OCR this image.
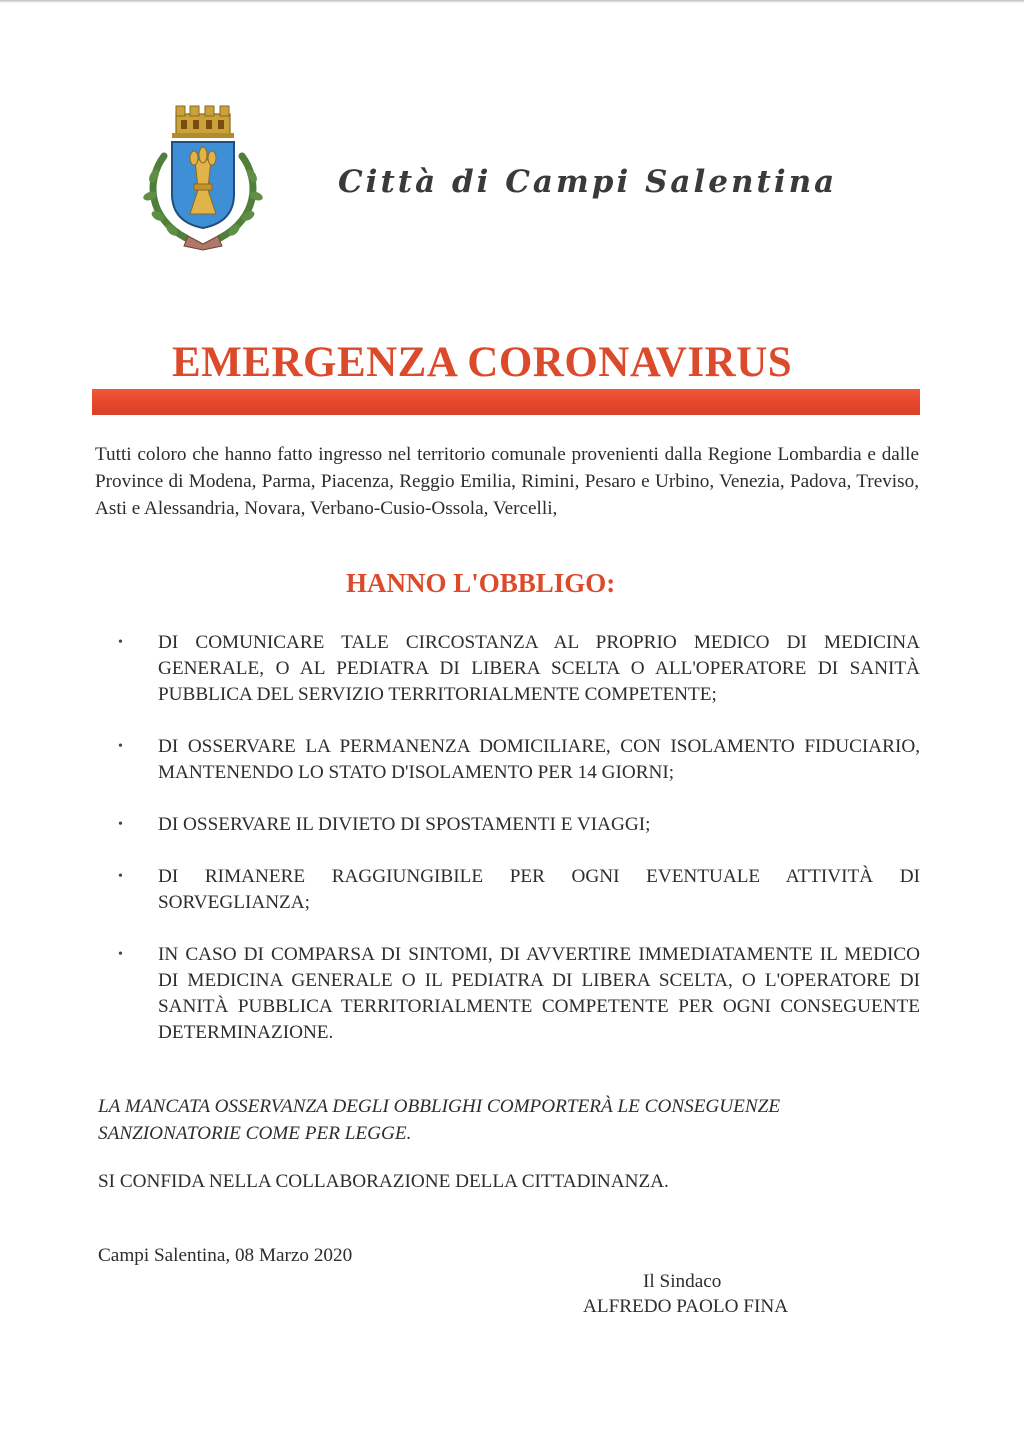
Città di Campi Salentina
EMERGENZA CORONAVIRUS

Tutti coloro che hanno fatto ingresso nel territorio comunale provenienti dalla Regione Lombardia e dalle Province di Modena, Parma, Piacenza, Reggio Emilia, Rimini, Pesaro e Urbino, Venezia, Padova, Treviso, Asti e Alessandria, Novara, Verbano-Cusio-Ossola, Vercelli,

HANNO L'OBBLIGO:
• DI COMUNICARE TALE CIRCOSTANZA AL PROPRIO MEDICO DI MEDICINA GENERALE, O AL PEDIATRA DI LIBERA SCELTA O ALL'OPERATORE DI SANITÀ PUBBLICA DEL SERVIZIO TERRITORIALMENTE COMPETENTE;
• DI OSSERVARE LA PERMANENZA DOMICILIARE, CON ISOLAMENTO FIDUCIARIO, MANTENENDO LO STATO D'ISOLAMENTO PER 14 GIORNI;
• DI OSSERVARE IL DIVIETO DI SPOSTAMENTI E VIAGGI;
• DI RIMANERE RAGGIUNGIBILE PER OGNI EVENTUALE ATTIVITÀ DI SORVEGLIANZA;
• IN CASO DI COMPARSA DI SINTOMI, DI AVVERTIRE IMMEDIATAMENTE IL MEDICO DI MEDICINA GENERALE O IL PEDIATRA DI LIBERA SCELTA, O L'OPERATORE DI SANITÀ PUBBLICA TERRITORIALMENTE COMPETENTE PER OGNI CONSEGUENTE DETERMINAZIONE.

LA MANCATA OSSERVANZA DEGLI OBBLIGHI COMPORTERÀ LE CONSEGUENZE SANZIONATORIE COME PER LEGGE.

SI CONFIDA NELLA COLLABORAZIONE DELLA CITTADINANZA.

Campi Salentina, 08 Marzo 2020
Il Sindaco
ALFREDO PAOLO FINA
